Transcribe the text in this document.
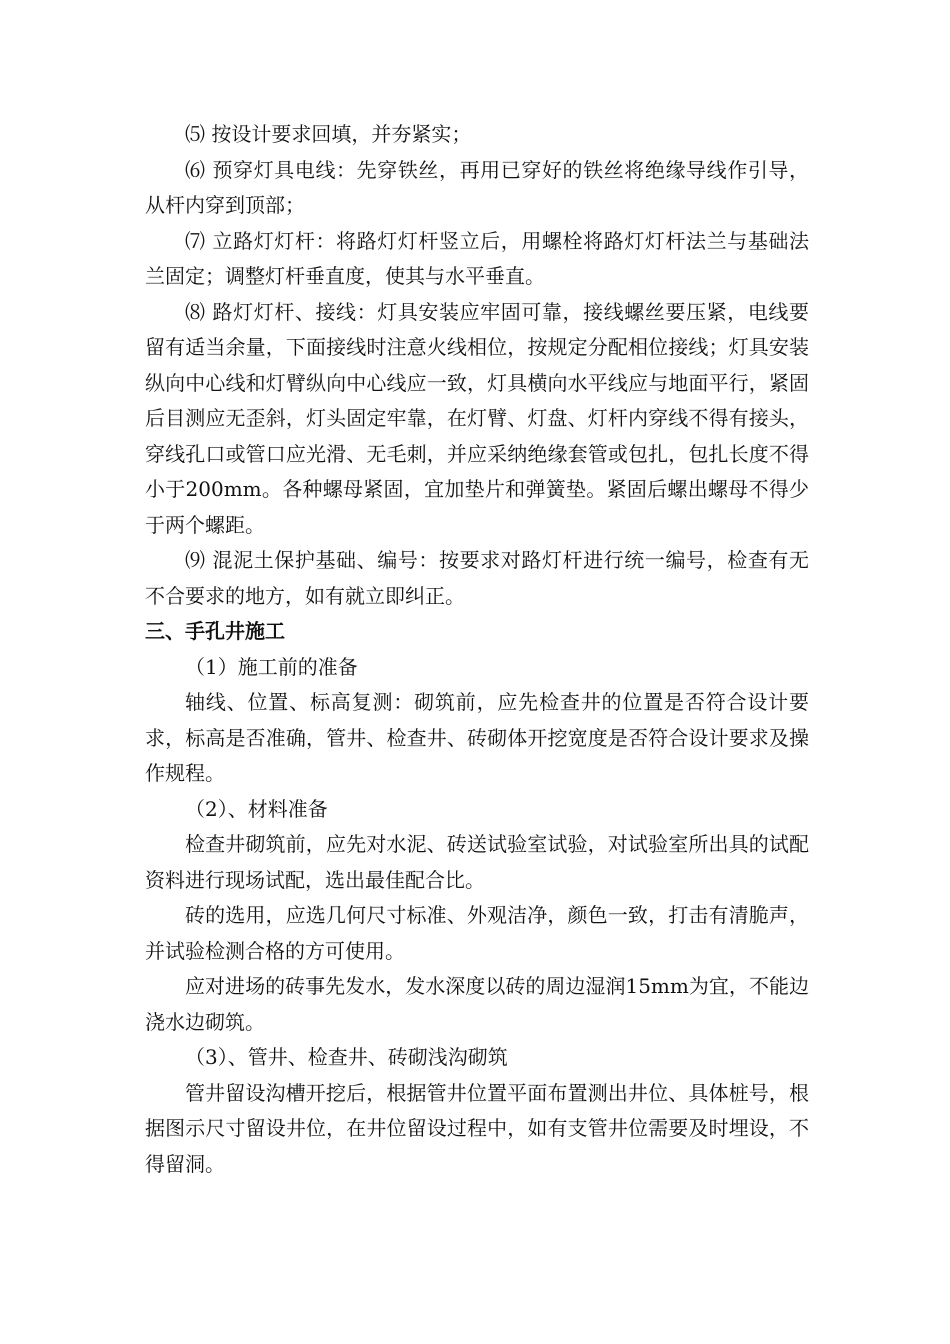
⑸ 按设计要求回填，并夯紧实；

⑹ 预穿灯具电线：先穿铁丝，再用已穿好的铁丝将绝缘导线作引导，从杆内穿到顶部；

⑺ 立路灯灯杆：将路灯灯杆竖立后，用螺栓将路灯灯杆法兰与基础法兰固定；调整灯杆垂直度，使其与水平垂直。

⑻ 路灯灯杆、接线：灯具安装应牢固可靠，接线螺丝要压紧，电线要留有适当余量，下面接线时注意火线相位，按规定分配相位接线；灯具安装纵向中心线和灯臂纵向中心线应一致，灯具横向水平线应与地面平行，紧固后目测应无歪斜，灯头固定牢靠，在灯臂、灯盘、灯杆内穿线不得有接头，穿线孔口或管口应光滑、无毛刺，并应采纳绝缘套管或包扎，包扎长度不得小于200mm。各种螺母紧固，宜加垫片和弹簧垫。紧固后螺出螺母不得少于两个螺距。

⑼ 混泥土保护基础、编号：按要求对路灯杆进行统一编号，检查有无不合要求的地方，如有就立即纠正。

三、手孔井施工

（1）施工前的准备

轴线、位置、标高复测：砌筑前，应先检查井的位置是否符合设计要求，标高是否准确，管井、检查井、砖砌体开挖宽度是否符合设计要求及操作规程。

（2）、材料准备

检查井砌筑前，应先对水泥、砖送试验室试验，对试验室所出具的试配资料进行现场试配，选出最佳配合比。

砖的选用，应选几何尺寸标准、外观洁净，颜色一致，打击有清脆声，并试验检测合格的方可使用。

应对进场的砖事先发水，发水深度以砖的周边湿润15mm为宜，不能边浇水边砌筑。

（3）、管井、检查井、砖砌浅沟砌筑

管井留设沟槽开挖后，根据管井位置平面布置测出井位、具体桩号，根据图示尺寸留设井位，在井位留设过程中，如有支管井位需要及时埋设，不得留洞。
